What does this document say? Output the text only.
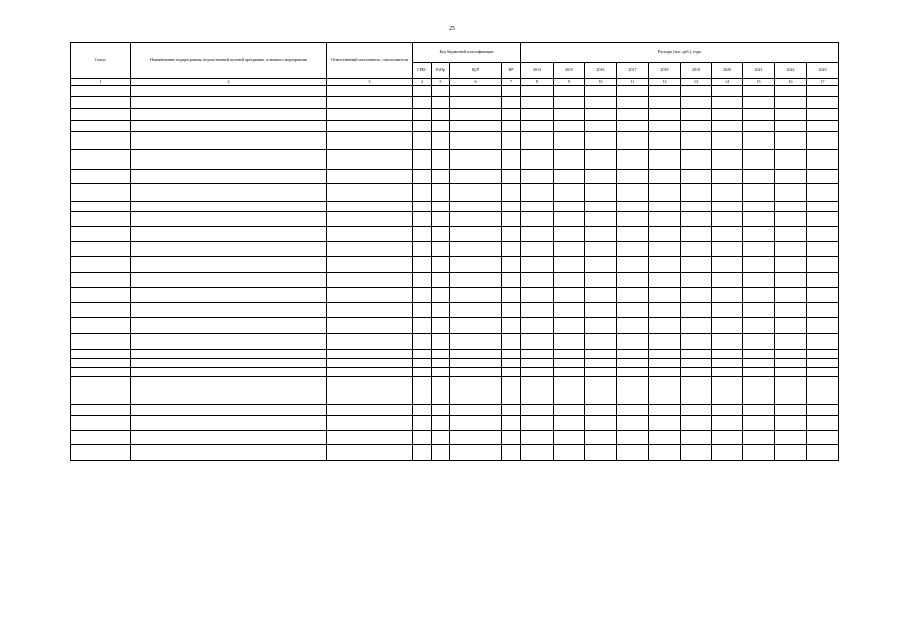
25
Статус	Наименование подпрограммы, ведомственной целевой программы, основного мероприятия	Ответственный исполнитель, соисполнители	Код бюджетной классификации				Расходы (тыс. руб.), годы									
			ГРБС	РзПр	ЦСР	ВР	2014	2015	2016	2017	2018	2019	2020	2021	2022	2023
1	2	3	4	5	6	7	8	9	10	11	12	13	14	15	16	17
